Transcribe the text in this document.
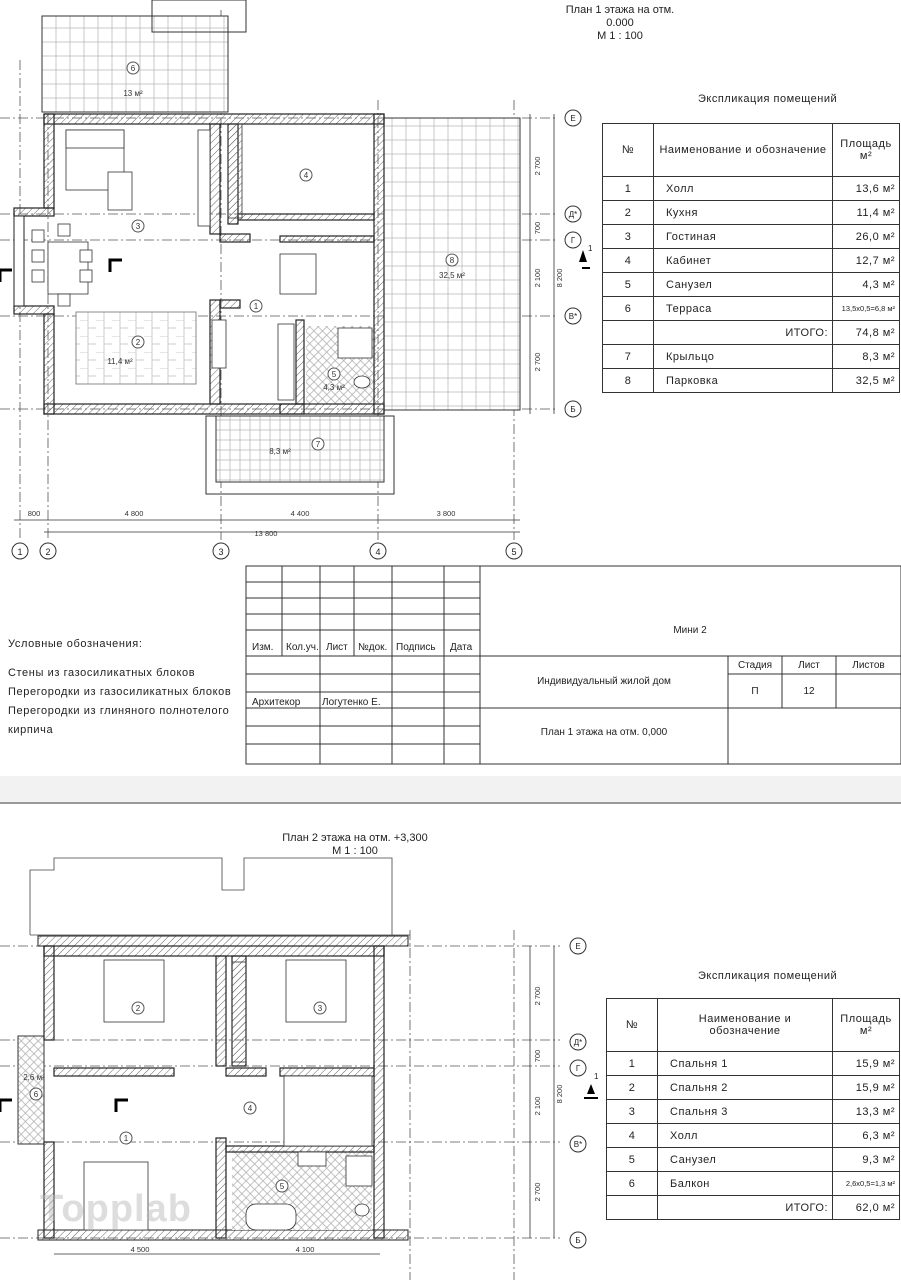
План 1 этажа на отм. 0.000
М 1 : 100
6
13 м²
3
4
8
32,5 м²
1
2
11,4 м²
5
4,3 м²
7
8,3 м²
800	4 800	4 400	3 800
13 800
2 700
700
2 100
2 700
8 200
1	2	3	4	5
Е
Д*
Г
В*
Б
1
Экспликация помещений
№	Наименование и обозначение	Площадь м²
1	Холл	13,6 м²
2	Кухня	11,4 м²
3	Гостиная	26,0 м²
4	Кабинет	12,7 м²
5	Санузел	4,3 м²
6	Терраса	13,5х0,5=6,8 м²
	ИТОГО:	74,8 м²
7	Крыльцо	8,3 м²
8	Парковка	32,5 м²
Условные обозначения:
Стены из газосиликатных блоков
Перегородки из газосиликатных блоков
Перегородки из глиняного полнотелого
кирпича
Изм.	Кол.уч. Лист	№док. Подпись	Дата
Архитекор Логутенко Е.
Мини 2
Индивидуальный жилой дом
План 1 этажа на отм. 0,000
Стадия	Лист	Листов
П	12
План 2 этажа на отм. +3,300
М 1 : 100
2	3
2,6 м²
6
4
1
5
4 500	4 100
2 700
700
2 100
2 700
8 200
Е
Д*
Г
В*
Б
1
Экспликация помещений
№	Наименование и обозначение	Площадь м²
1	Спальня 1	15,9 м²
2	Спальня 2	15,9 м²
3	Спальня 3	13,3 м²
4	Холл	6,3 м²
5	Санузел	9,3 м²
6	Балкон	2,6х0,5=1,3 м²
	ИТОГО:	62,0 м²
Topplab
